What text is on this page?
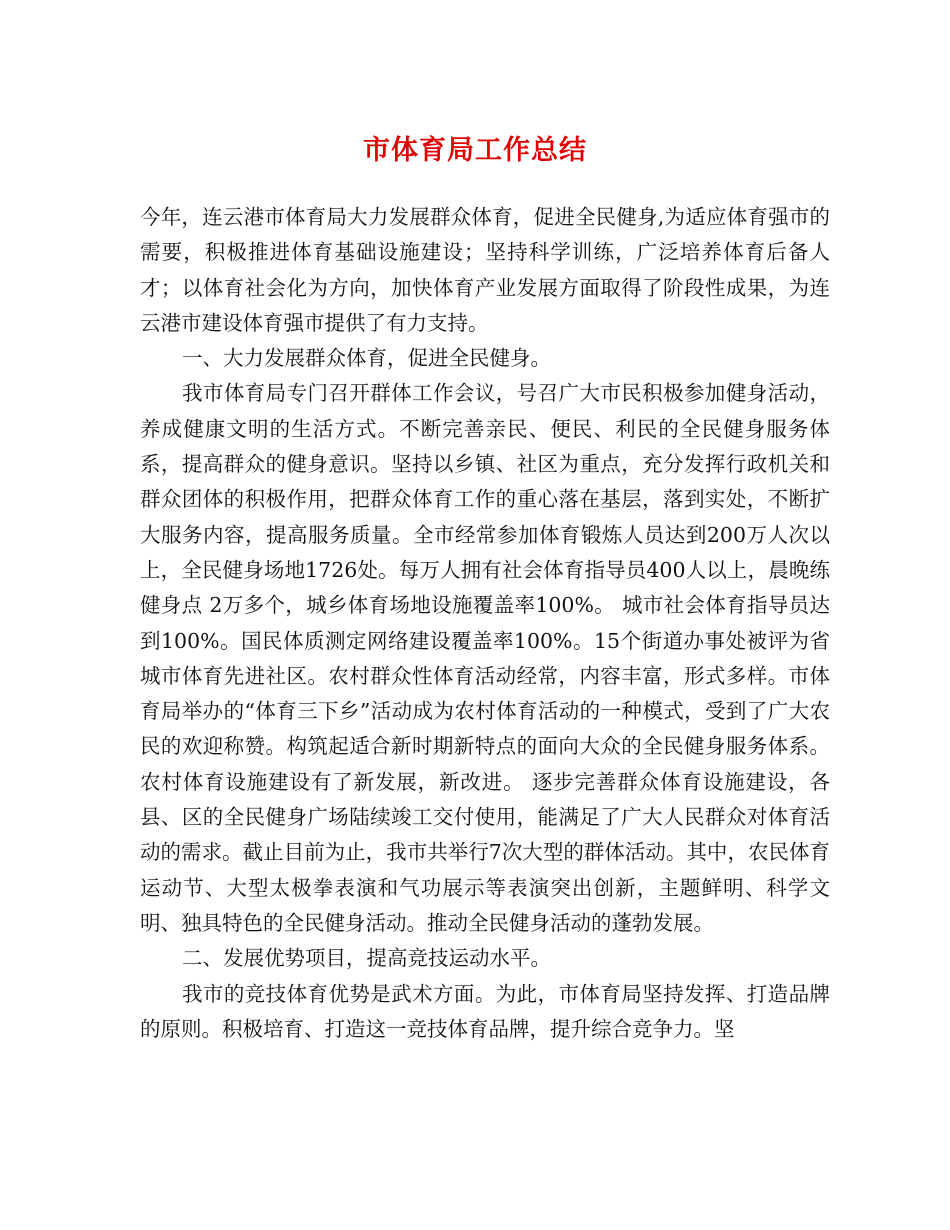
市体育局工作总结

今年，连云港市体育局大力发展群众体育，促进全民健身,为适应体育强市的需要，积极推进体育基础设施建设；坚持科学训练，广泛培养体育后备人才；以体育社会化为方向，加快体育产业发展方面取得了阶段性成果，为连云港市建设体育强市提供了有力支持。

一、大力发展群众体育，促进全民健身。

我市体育局专门召开群体工作会议，号召广大市民积极参加健身活动，养成健康文明的生活方式。不断完善亲民、便民、利民的全民健身服务体系，提高群众的健身意识。坚持以乡镇、社区为重点，充分发挥行政机关和群众团体的积极作用，把群众体育工作的重心落在基层，落到实处，不断扩大服务内容，提高服务质量。全市经常参加体育锻炼人员达到200万人次以上，全民健身场地1726处。每万人拥有社会体育指导员400人以上，晨晚练健身点 2万多个，城乡体育场地设施覆盖率100%。 城市社会体育指导员达到100%。国民体质测定网络建设覆盖率100%。15个街道办事处被评为省城市体育先进社区。农村群众性体育活动经常，内容丰富，形式多样。市体育局举办的“体育三下乡”活动成为农村体育活动的一种模式，受到了广大农民的欢迎称赞。构筑起适合新时期新特点的面向大众的全民健身服务体系。农村体育设施建设有了新发展，新改进。 逐步完善群众体育设施建设，各县、区的全民健身广场陆续竣工交付使用，能满足了广大人民群众对体育活动的需求。截止目前为止，我市共举行7次大型的群体活动。其中，农民体育运动节、大型太极拳表演和气功展示等表演突出创新，主题鲜明、科学文明、独具特色的全民健身活动。推动全民健身活动的蓬勃发展。

二、发展优势项目，提高竞技运动水平。

我市的竞技体育优势是武术方面。为此，市体育局坚持发挥、打造品牌的原则。积极培育、打造这一竞技体育品牌，提升综合竞争力。坚
